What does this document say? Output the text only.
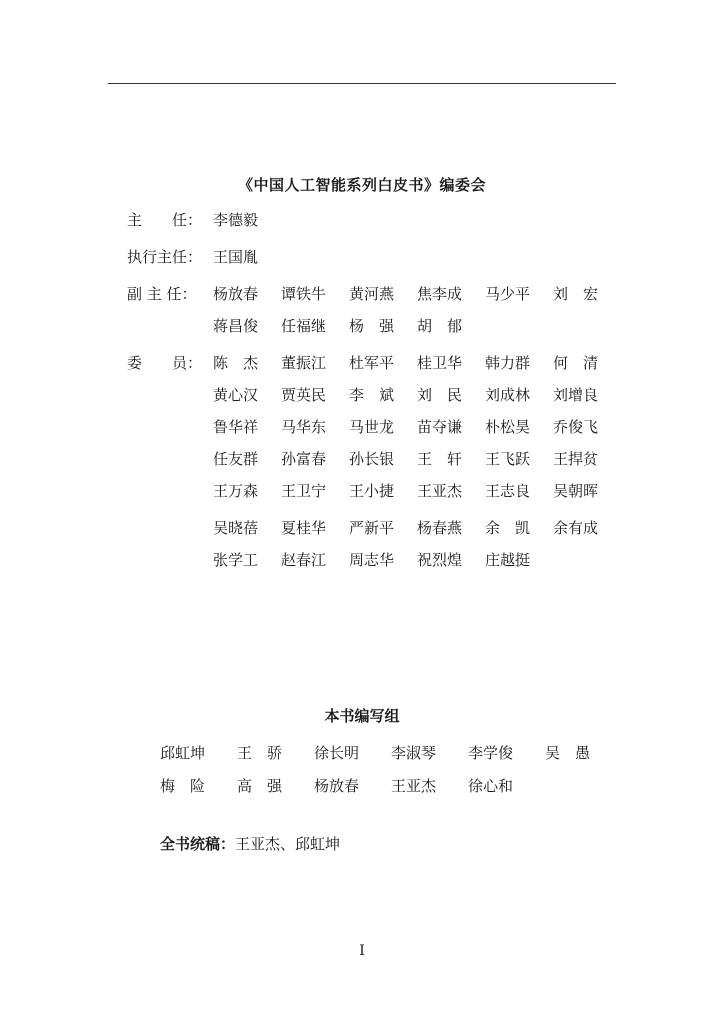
《中国人工智能系列白皮书》编委会
主　　任： 李德毅
执行主任： 王国胤
副 主 任：	杨放春	谭铁牛	黄河燕	焦李成	马少平	刘　宏
蒋昌俊	任福继	杨　强	胡　郁
委　　员： 陈　杰	董振江	杜军平	桂卫华	韩力群	何　清
黄心汉	贾英民	李　斌	刘　民	刘成林	刘增良
鲁华祥	马华东	马世龙	苗夺谦	朴松昊	乔俊飞
任友群	孙富春	孙长银	王　轩	王飞跃	王捍贫
王万森	王卫宁	王小捷	王亚杰	王志良	吴朝晖
吴晓蓓	夏桂华	严新平	杨春燕	余　凯	余有成
张学工	赵春江	周志华	祝烈煌	庄越挺
本书编写组
邱虹坤	王　骄	徐长明	李淑琴	李学俊	吴　愚
梅　险	高　强	杨放春	王亚杰	徐心和
全书统稿：王亚杰、邱虹坤
I
